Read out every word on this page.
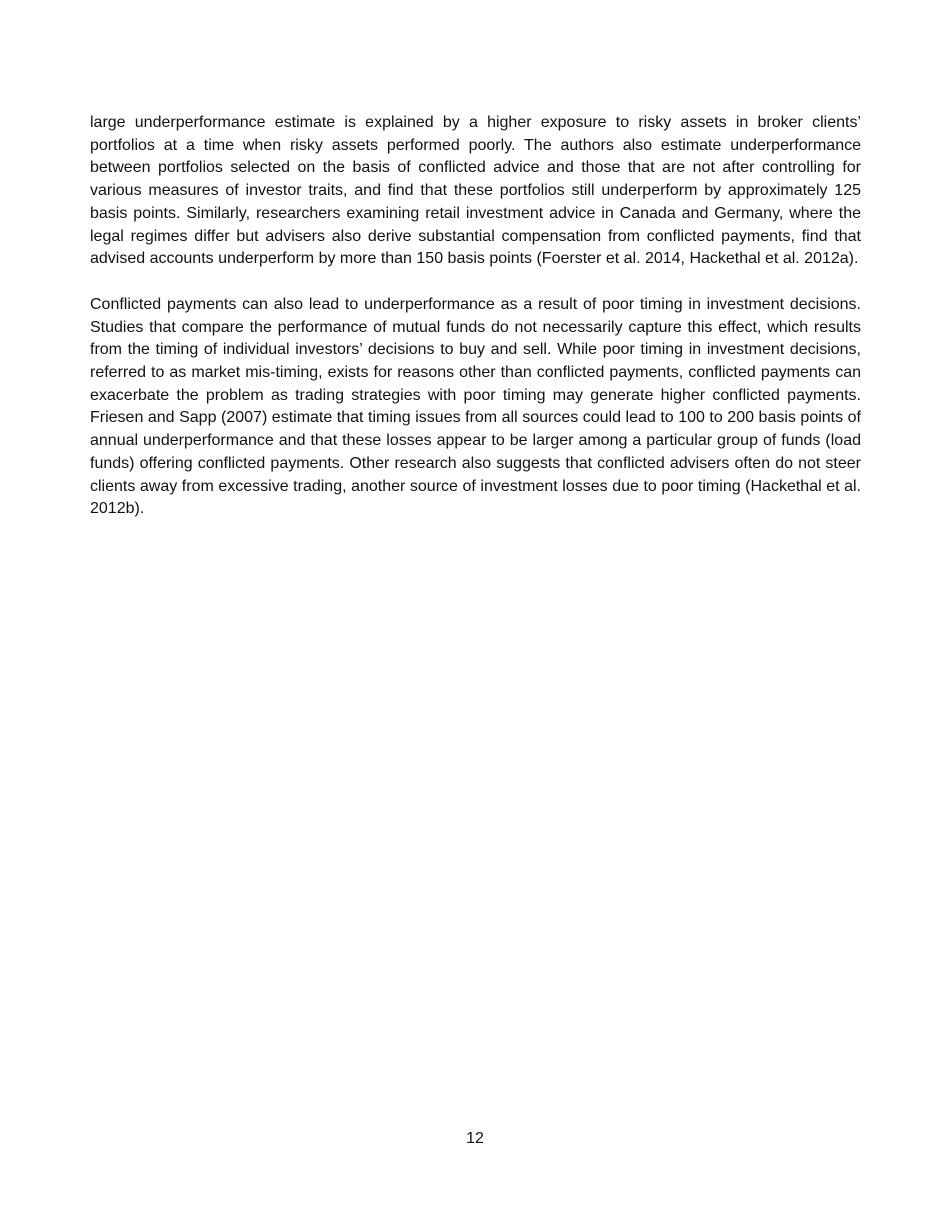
large underperformance estimate is explained by a higher exposure to risky assets in broker clients’ portfolios at a time when risky assets performed poorly. The authors also estimate underperformance between portfolios selected on the basis of conflicted advice and those that are not after controlling for various measures of investor traits, and find that these portfolios still underperform by approximately 125 basis points. Similarly, researchers examining retail investment advice in Canada and Germany, where the legal regimes differ but advisers also derive substantial compensation from conflicted payments, find that advised accounts underperform by more than 150 basis points (Foerster et al. 2014, Hackethal et al. 2012a).

Conflicted payments can also lead to underperformance as a result of poor timing in investment decisions. Studies that compare the performance of mutual funds do not necessarily capture this effect, which results from the timing of individual investors’ decisions to buy and sell. While poor timing in investment decisions, referred to as market mis-timing, exists for reasons other than conflicted payments, conflicted payments can exacerbate the problem as trading strategies with poor timing may generate higher conflicted payments. Friesen and Sapp (2007) estimate that timing issues from all sources could lead to 100 to 200 basis points of annual underperformance and that these losses appear to be larger among a particular group of funds (load funds) offering conflicted payments. Other research also suggests that conflicted advisers often do not steer clients away from excessive trading, another source of investment losses due to poor timing (Hackethal et al. 2012b).

12
